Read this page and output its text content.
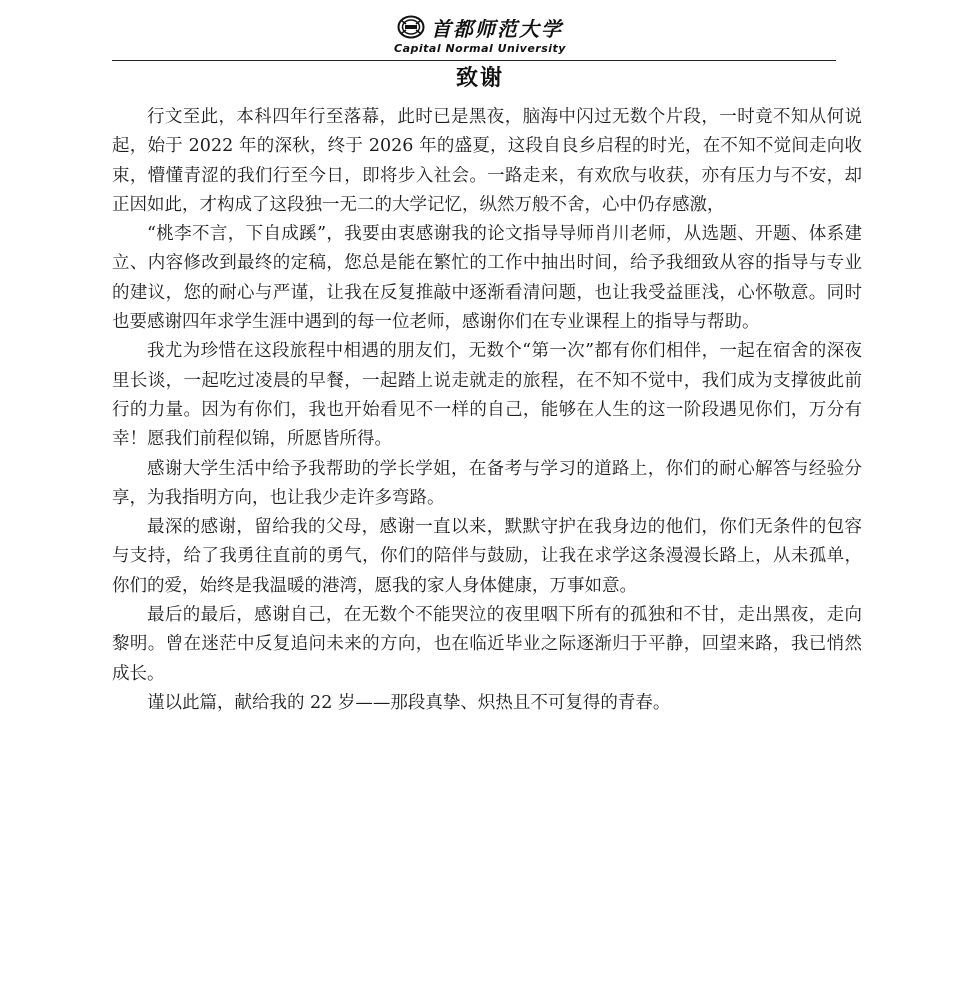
首都师范大学
Capital Normal University
致谢

行文至此，本科四年行至落幕，此时已是黑夜，脑海中闪过无数个片段，一时竟不知从何说起，始于 2022 年的深秋，终于 2026 年的盛夏，这段自良乡启程的时光，在不知不觉间走向收束，懵懂青涩的我们行至今日，即将步入社会。一路走来，有欢欣与收获，亦有压力与不安，却正因如此，才构成了这段独一无二的大学记忆，纵然万般不舍，心中仍存感激，

“桃李不言，下自成蹊”，我要由衷感谢我的论文指导导师肖川老师，从选题、开题、体系建立、内容修改到最终的定稿，您总是能在繁忙的工作中抽出时间，给予我细致从容的指导与专业的建议，您的耐心与严谨，让我在反复推敲中逐渐看清问题，也让我受益匪浅，心怀敬意。同时也要感谢四年求学生涯中遇到的每一位老师，感谢你们在专业课程上的指导与帮助。

我尤为珍惜在这段旅程中相遇的朋友们，无数个“第一次”都有你们相伴，一起在宿舍的深夜里长谈，一起吃过凌晨的早餐，一起踏上说走就走的旅程，在不知不觉中，我们成为支撑彼此前行的力量。因为有你们，我也开始看见不一样的自己，能够在人生的这一阶段遇见你们，万分有幸！愿我们前程似锦，所愿皆所得。

感谢大学生活中给予我帮助的学长学姐，在备考与学习的道路上，你们的耐心解答与经验分享，为我指明方向，也让我少走许多弯路。

最深的感谢，留给我的父母，感谢一直以来，默默守护在我身边的他们，你们无条件的包容与支持，给了我勇往直前的勇气，你们的陪伴与鼓励，让我在求学这条漫漫长路上，从未孤单，你们的爱，始终是我温暖的港湾，愿我的家人身体健康，万事如意。

最后的最后，感谢自己，在无数个不能哭泣的夜里咽下所有的孤独和不甘，走出黑夜，走向黎明。曾在迷茫中反复追问未来的方向，也在临近毕业之际逐渐归于平静，回望来路，我已悄然成长。

谨以此篇，献给我的 22 岁——那段真挚、炽热且不可复得的青春。
